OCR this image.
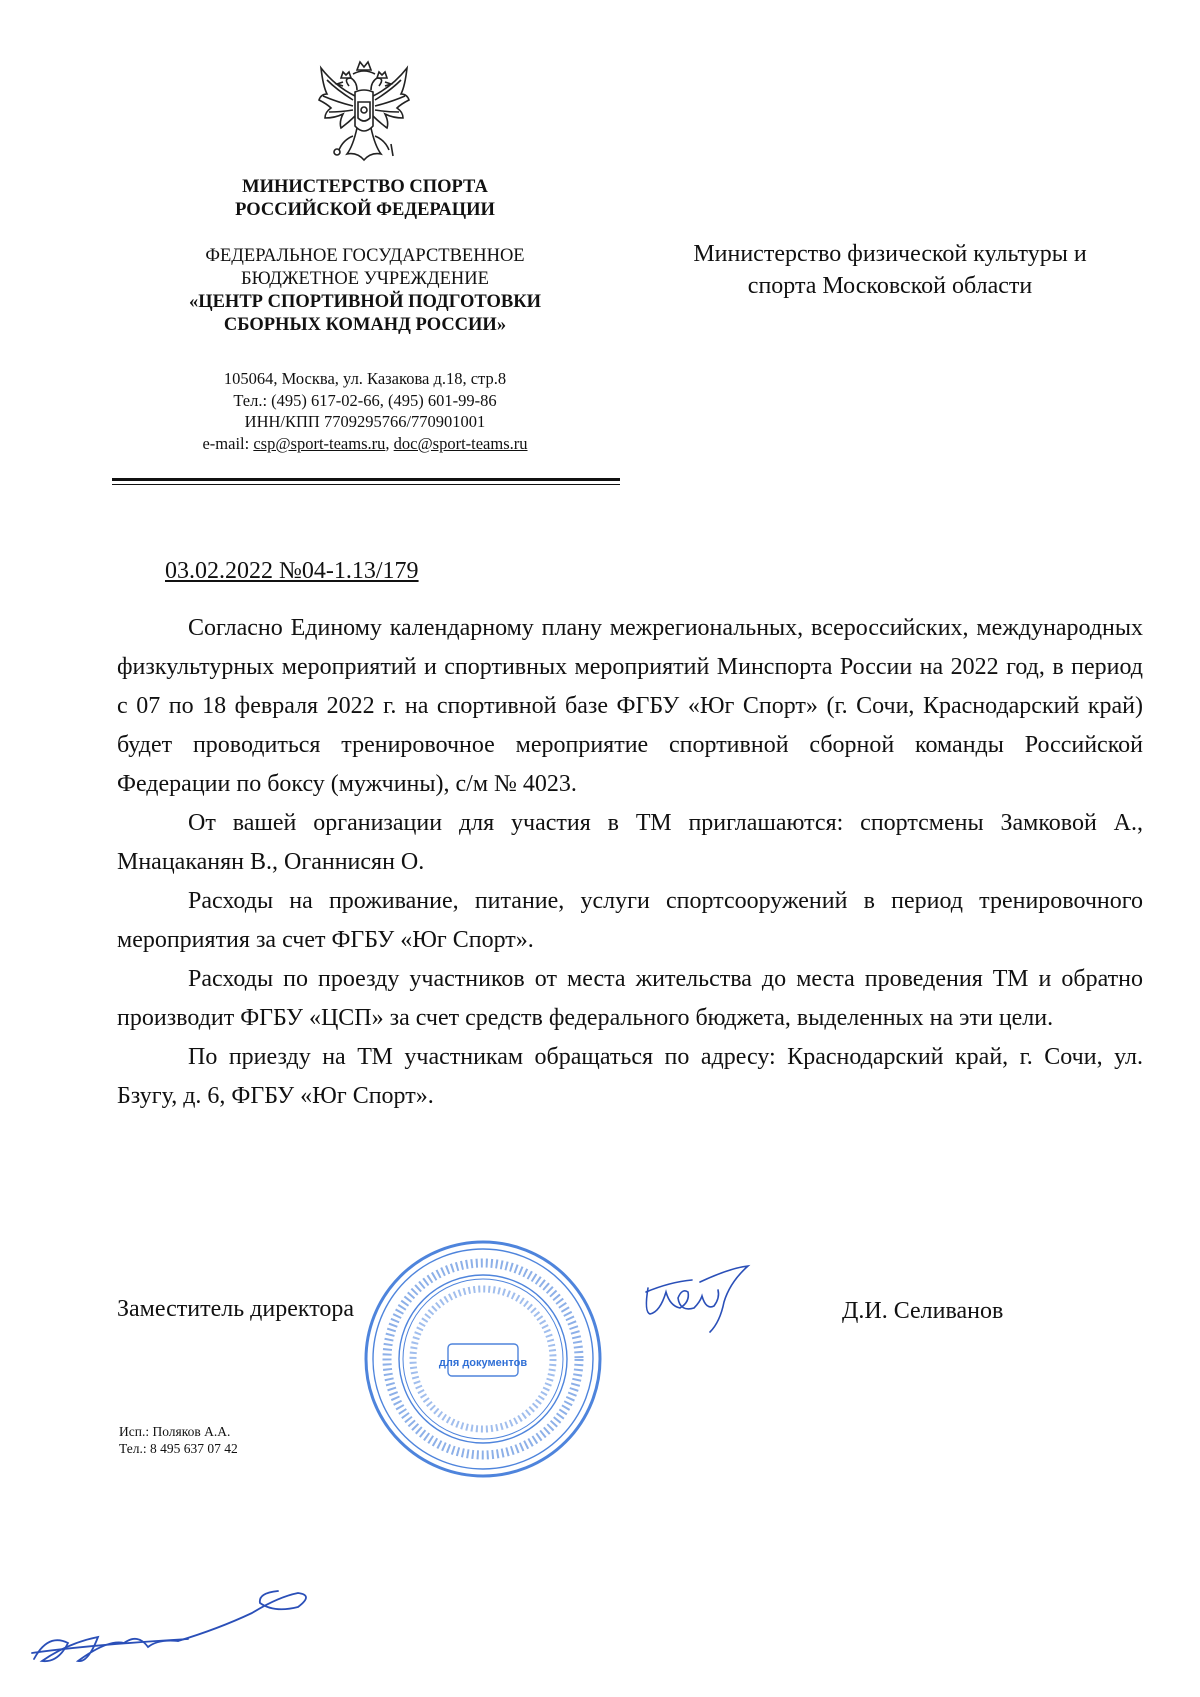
МИНИСТЕРСТВО СПОРТА
РОССИЙСКОЙ ФЕДЕРАЦИИ
ФЕДЕРАЛЬНОЕ ГОСУДАРСТВЕННОЕ
БЮДЖЕТНОЕ УЧРЕЖДЕНИЕ
«ЦЕНТР СПОРТИВНОЙ ПОДГОТОВКИ
СБОРНЫХ КОМАНД РОССИИ»
105064, Москва, ул. Казакова д.18, стр.8
Тел.: (495) 617-02-66, (495) 601-99-86
ИНН/КПП 7709295766/770901001
e-mail: csp@sport-teams.ru, doc@sport-teams.ru
Министерство физической культуры и
спорта Московской области
03.02.2022 №04-1.13/179

Согласно Единому календарному плану межрегиональных, всероссийских, международных физкультурных мероприятий и спортивных мероприятий Минспорта России на 2022 год, в период с 07 по 18 февраля 2022 г. на спортивной базе ФГБУ «Юг Спорт» (г. Сочи, Краснодарский край) будет проводиться тренировочное мероприятие спортивной сборной команды Российской Федерации по боксу (мужчины), с/м № 4023.

От вашей организации для участия в ТМ приглашаются: спортсмены Замковой А., Мнацаканян В., Оганнисян О.

Расходы на проживание, питание, услуги спортсооружений в период тренировочного мероприятия за счет ФГБУ «Юг Спорт».

Расходы по проезду участников от места жительства до места проведения ТМ и обратно производит ФГБУ «ЦСП» за счет средств федерального бюджета, выделенных на эти цели.

По приезду на ТМ участникам обращаться по адресу: Краснодарский край, г. Сочи, ул. Бзугу, д. 6, ФГБУ «Юг Спорт».

Заместитель директора
для документов
Д.И. Селиванов
Исп.: Поляков А.А.
Тел.: 8 495 637 07 42
